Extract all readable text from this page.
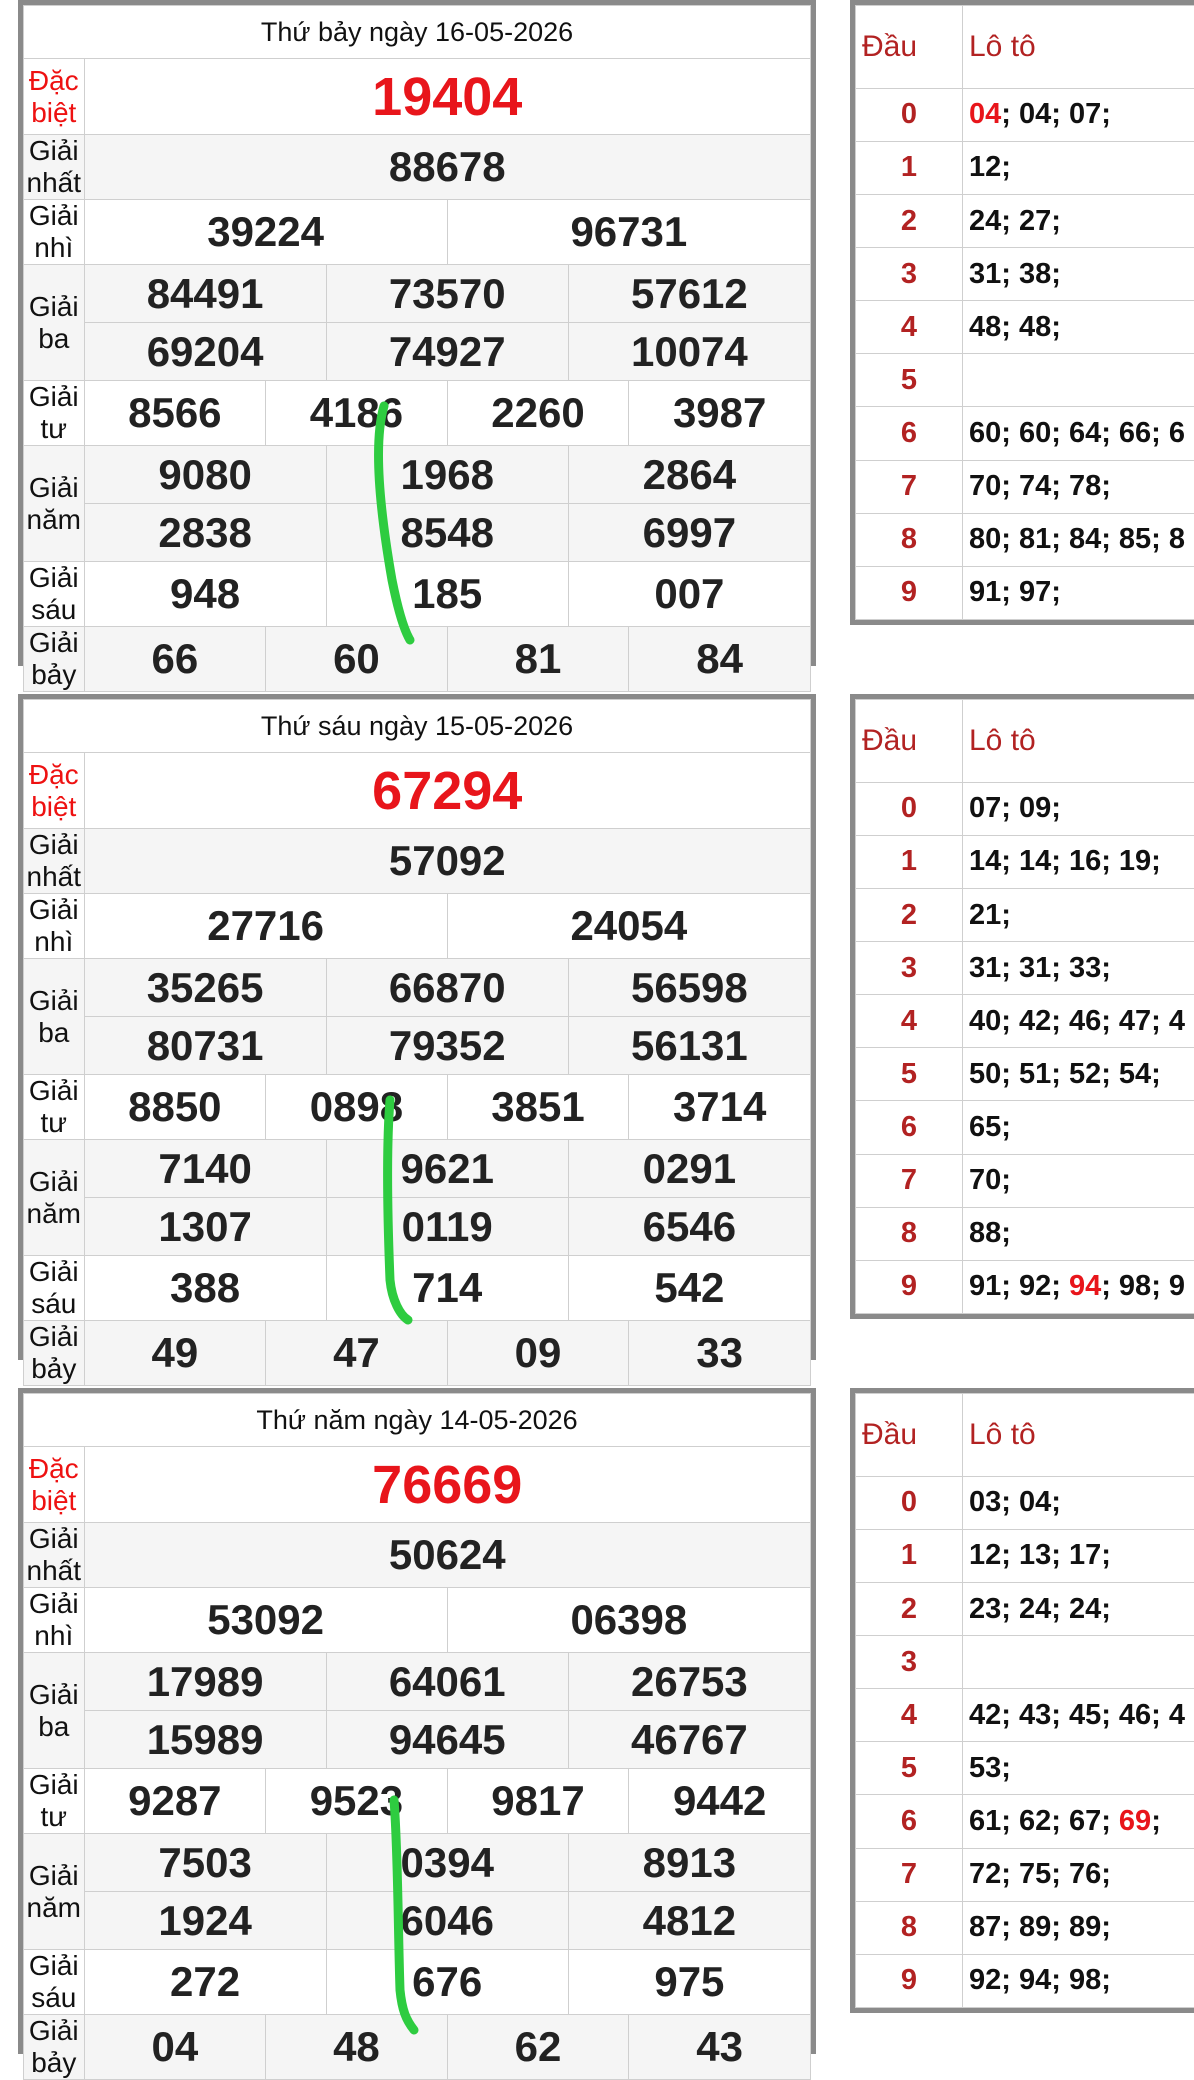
Thứ bảy ngày 16-05-2026						
Đặc biệt	19404					
Giải nhất	88678					
Giải nhì	39224			96731		
Giải ba	84491		73570		57612	
	69204		74927		10074	
Giải tư	8566	4186		2260		3987
Giải năm	9080		1968		2864	
	2838		8548		6997	
Giải sáu	948		185		007	
Giải bảy	66	60		81		84
Đầu	Lô tô
0	04; 04; 07;
1	12;
2	24; 27;
3	31; 38;
4	48; 48;
5	
6	60; 60; 64; 66; 6
7	70; 74; 78;
8	80; 81; 84; 85; 8
9	91; 97;
Thứ sáu ngày 15-05-2026						
Đặc biệt	67294					
Giải nhất	57092					
Giải nhì	27716			24054		
Giải ba	35265		66870		56598	
	80731		79352		56131	
Giải tư	8850	0898		3851		3714
Giải năm	7140		9621		0291	
	1307		0119		6546	
Giải sáu	388		714		542	
Giải bảy	49	47		09		33
Đầu	Lô tô
0	07; 09;
1	14; 14; 16; 19;
2	21;
3	31; 31; 33;
4	40; 42; 46; 47; 4
5	50; 51; 52; 54;
6	65;
7	70;
8	88;
9	91; 92; 94; 98; 9
Thứ năm ngày 14-05-2026						
Đặc biệt	76669					
Giải nhất	50624					
Giải nhì	53092			06398		
Giải ba	17989		64061		26753	
	15989		94645		46767	
Giải tư	9287	9523		9817		9442
Giải năm	7503		0394		8913	
	1924		6046		4812	
Giải sáu	272		676		975	
Giải bảy	04	48		62		43
Đầu	Lô tô
0	03; 04;
1	12; 13; 17;
2	23; 24; 24;
3	
4	42; 43; 45; 46; 4
5	53;
6	61; 62; 67; 69;
7	72; 75; 76;
8	87; 89; 89;
9	92; 94; 98;
